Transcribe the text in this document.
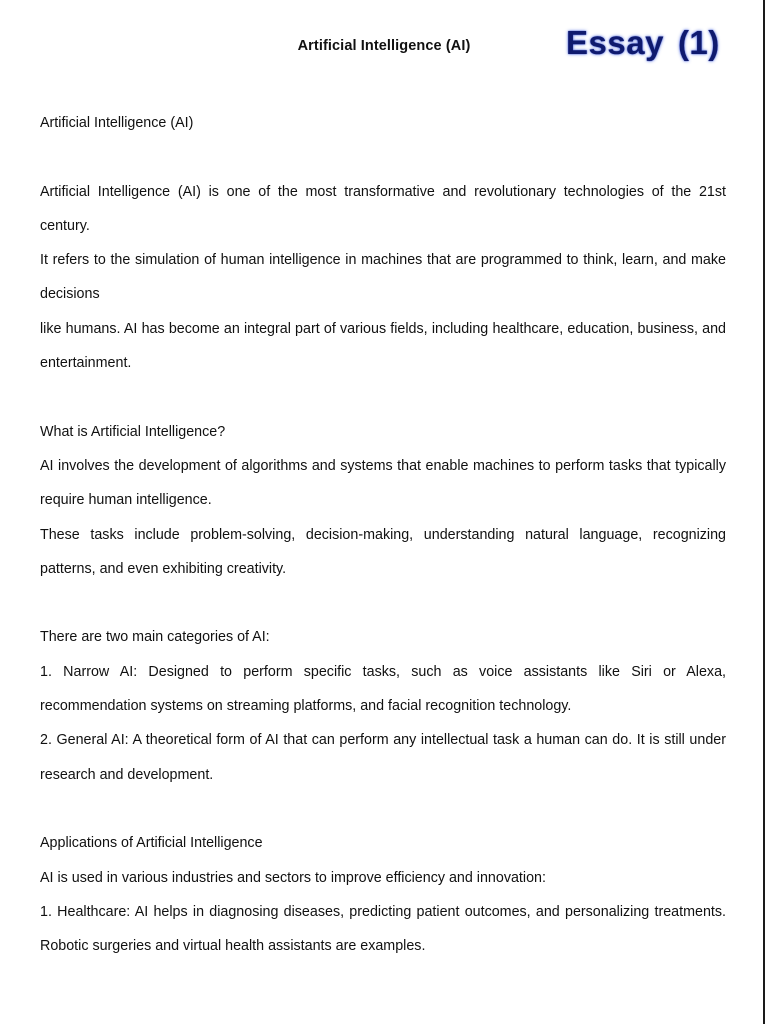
Artificial Intelligence (AI)	Essay (1)

Artificial Intelligence (AI)

Artificial Intelligence (AI) is one of the most transformative and revolutionary technologies of the 21st century.

It refers to the simulation of human intelligence in machines that are programmed to think, learn, and make decisions

like humans. AI has become an integral part of various fields, including healthcare, education, business, and entertainment.

What is Artificial Intelligence?

AI involves the development of algorithms and systems that enable machines to perform tasks that typically require human intelligence.

These tasks include problem-solving, decision-making, understanding natural language, recognizing patterns, and even exhibiting creativity.

There are two main categories of AI:

1. Narrow AI: Designed to perform specific tasks, such as voice assistants like Siri or Alexa, recommendation systems on streaming platforms, and facial recognition technology.

2. General AI: A theoretical form of AI that can perform any intellectual task a human can do. It is still under research and development.

Applications of Artificial Intelligence

AI is used in various industries and sectors to improve efficiency and innovation:

1. Healthcare: AI helps in diagnosing diseases, predicting patient outcomes, and personalizing treatments. Robotic surgeries and virtual health assistants are examples.
